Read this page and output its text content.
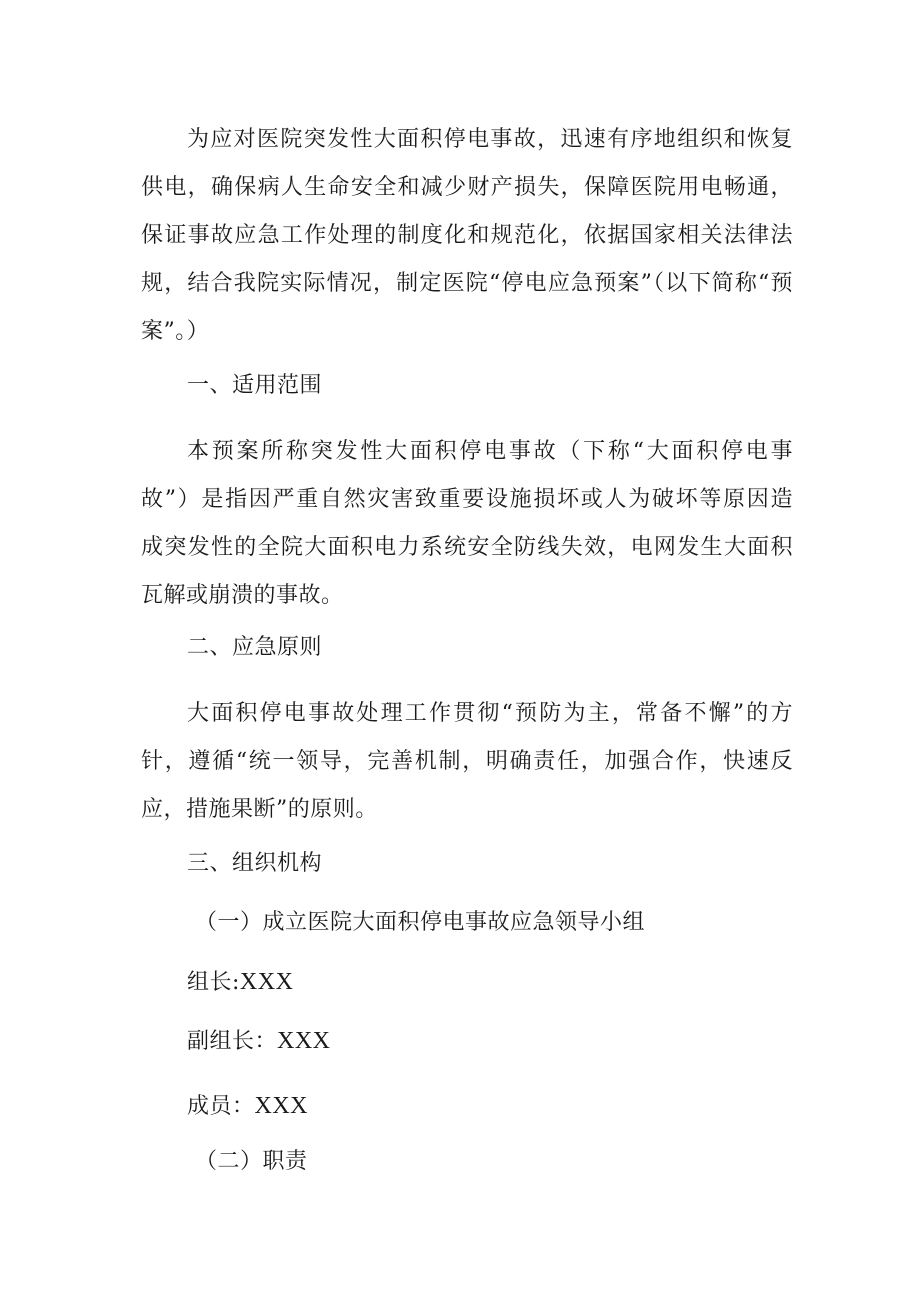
为应对医院突发性大面积停电事故，迅速有序地组织和恢复
供电，确保病人生命安全和减少财产损失，保障医院用电畅通，
保证事故应急工作处理的制度化和规范化，依据国家相关法律法
规，结合我院实际情况，制定医院“停电应急预案”（以下简称“预
案”。）
一、适用范围
本预案所称突发性大面积停电事故（下称“大面积停电事
故”）是指因严重自然灾害致重要设施损坏或人为破坏等原因造
成突发性的全院大面积电力系统安全防线失效，电网发生大面积
瓦解或崩溃的事故。
二、应急原则
大面积停电事故处理工作贯彻“预防为主，常备不懈”的方
针，遵循“统一领导，完善机制，明确责任，加强合作，快速反
应，措施果断”的原则。
三、组织机构
（一）成立医院大面积停电事故应急领导小组
组长:XXX
副组长：XXX
成员：XXX
（二）职责
